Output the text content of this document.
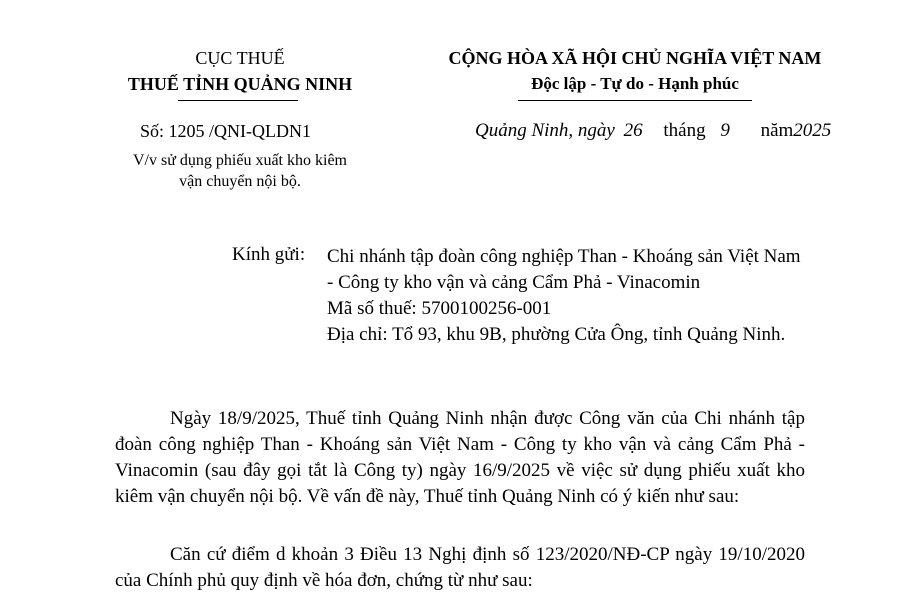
CỤC THUẾ
THUẾ TỈNH QUẢNG NINH
CỘNG HÒA XÃ HỘI CHỦ NGHĨA VIỆT NAM
Độc lập - Tự do - Hạnh phúc
Số: 1205 /QNI-QLDN1
V/v sử dụng phiếu xuất kho kiêm vận chuyển nội bộ.
Quảng Ninh, ngày 26 tháng 9 năm2025
Kính gửi: Chi nhánh tập đoàn công nghiệp Than - Khoáng sản Việt Nam - Công ty kho vận và cảng Cẩm Phả - Vinacomin
Mã số thuế: 5700100256-001
Địa chỉ: Tổ 93, khu 9B, phường Cửa Ông, tỉnh Quảng Ninh.
Ngày 18/9/2025, Thuế tỉnh Quảng Ninh nhận được Công văn của Chi nhánh tập đoàn công nghiệp Than - Khoáng sản Việt Nam - Công ty kho vận và cảng Cẩm Phả - Vinacomin (sau đây gọi tắt là Công ty) ngày 16/9/2025 về việc sử dụng phiếu xuất kho kiêm vận chuyển nội bộ. Về vấn đề này, Thuế tỉnh Quảng Ninh có ý kiến như sau:
Căn cứ điểm d khoản 3 Điều 13 Nghị định số 123/2020/NĐ-CP ngày 19/10/2020 của Chính phủ quy định về hóa đơn, chứng từ như sau:
